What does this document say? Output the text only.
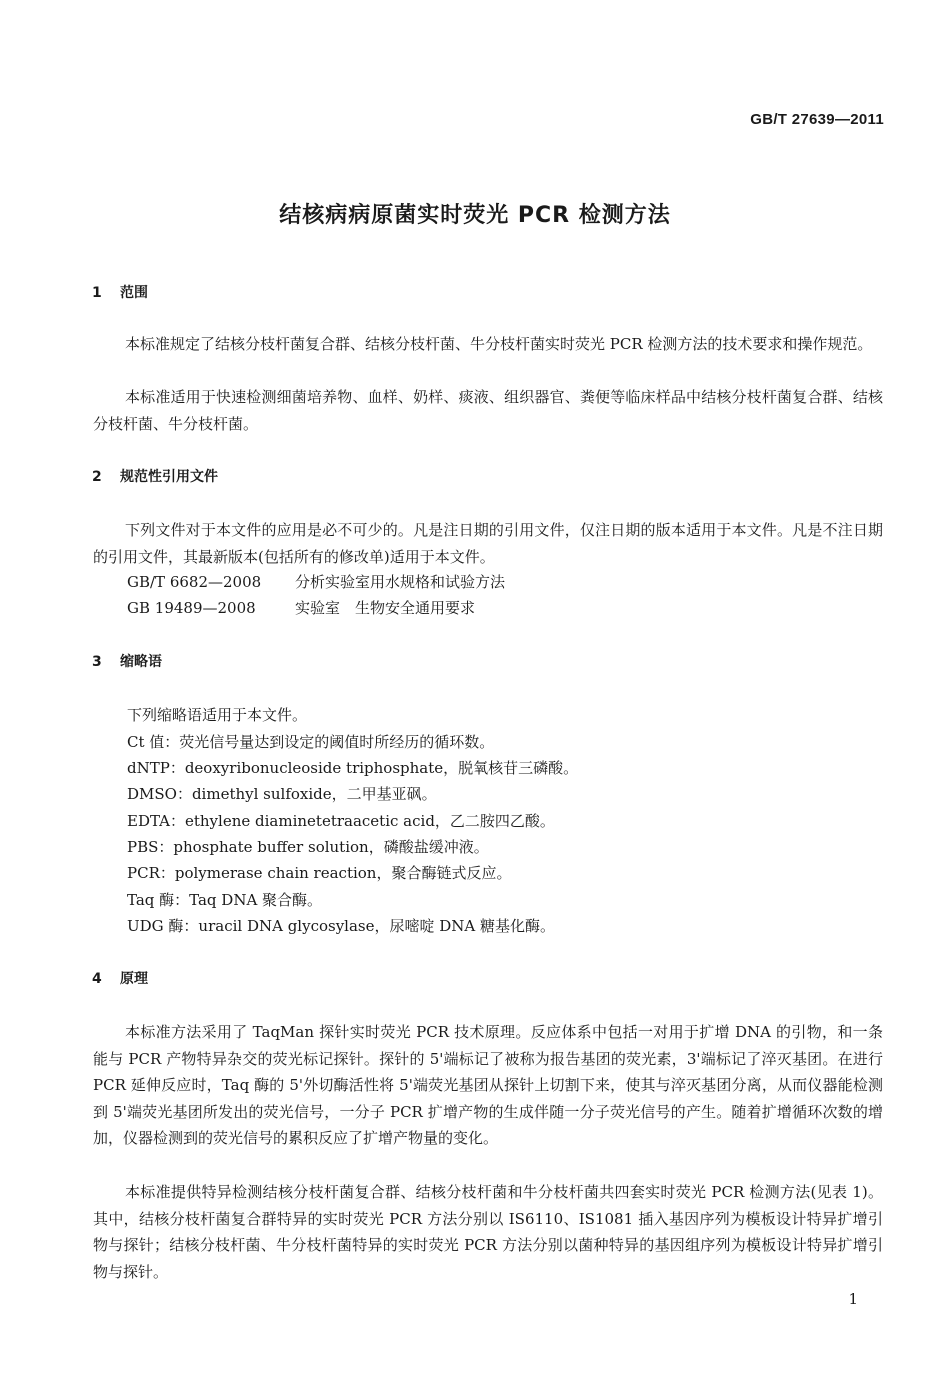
GB/T 27639—2011
结核病病原菌实时荧光 PCR 检测方法
1 范围

本标准规定了结核分枝杆菌复合群、结核分枝杆菌、牛分枝杆菌实时荧光 PCR 检测方法的技术要求和操作规范。

本标准适用于快速检测细菌培养物、血样、奶样、痰液、组织器官、粪便等临床样品中结核分枝杆菌复合群、结核分枝杆菌、牛分枝杆菌。

2 规范性引用文件

下列文件对于本文件的应用是必不可少的。凡是注日期的引用文件，仅注日期的版本适用于本文件。凡是不注日期的引用文件，其最新版本(包括所有的修改单)适用于本文件。

GB/T 6682—2008 分析实验室用水规格和试验方法
GB 19489—2008	实验室　生物安全通用要求
3 缩略语
下列缩略语适用于本文件。
Ct 值：荧光信号量达到设定的阈值时所经历的循环数。
dNTP：deoxyribonucleoside triphosphate，脱氧核苷三磷酸。
DMSO：dimethyl sulfoxide，二甲基亚砜。
EDTA：ethylene diaminetetraacetic acid，乙二胺四乙酸。
PBS：phosphate buffer solution，磷酸盐缓冲液。
PCR：polymerase chain reaction，聚合酶链式反应。
Taq 酶：Taq DNA 聚合酶。
UDG 酶：uracil DNA glycosylase，尿嘧啶 DNA 糖基化酶。
4 原理

本标准方法采用了 TaqMan 探针实时荧光 PCR 技术原理。反应体系中包括一对用于扩增 DNA 的引物，和一条能与 PCR 产物特异杂交的荧光标记探针。探针的 5'端标记了被称为报告基团的荧光素，3'端标记了淬灭基团。在进行 PCR 延伸反应时，Taq 酶的 5'外切酶活性将 5'端荧光基团从探针上切割下来，使其与淬灭基团分离，从而仪器能检测到 5'端荧光基团所发出的荧光信号，一分子 PCR 扩增产物的生成伴随一分子荧光信号的产生。随着扩增循环次数的增加，仪器检测到的荧光信号的累积反应了扩增产物量的变化。

本标准提供特异检测结核分枝杆菌复合群、结核分枝杆菌和牛分枝杆菌共四套实时荧光 PCR 检测方法(见表 1)。其中，结核分枝杆菌复合群特异的实时荧光 PCR 方法分别以 IS6110、IS1081 插入基因序列为模板设计特异扩增引物与探针；结核分枝杆菌、牛分枝杆菌特异的实时荧光 PCR 方法分别以菌种特异的基因组序列为模板设计特异扩增引物与探针。

1
